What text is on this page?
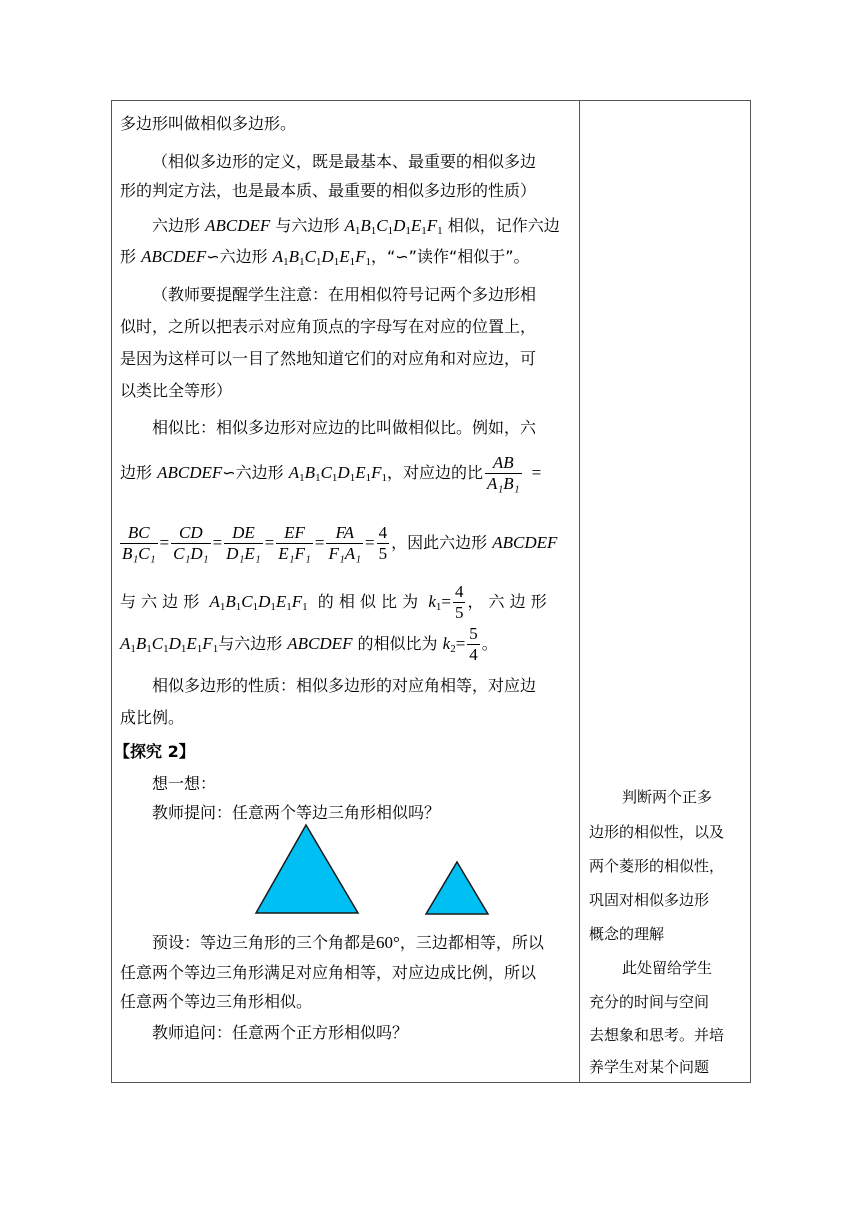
多边形叫做相似多边形。
（相似多边形的定义，既是最基本、最重要的相似多边
形的判定方法，也是最本质、最重要的相似多边形的性质）
六边形 ABCDEF 与六边形 $A_1B_1C_1D_1E_1F_1$ 相似，记作六边
形 ABCDEF∽六边形 $A_1B_1C_1D_1E_1F_1$，“∽”读作“相似于”。
（教师要提醒学生注意：在用相似符号记两个多边形相
似时，之所以把表示对应角顶点的字母写在对应的位置上，
是因为这样可以一目了然地知道它们的对应角和对应边，可
以类比全等形）
相似比：相似多边形对应边的比叫做相似比。例如，六
边形
ABCDEF ∽六边形
$A_1B_1C_1D_1E_1F_1$ ，对应边的比 $\frac{AB}{\text{A₁B₁}}$ =
$\frac{BC}{\text{B₁C₁}} = \frac{CD}{\text{C₁D₁}} = \frac{DE}{\text{D₁E₁}} = \frac{EF}{\text{E₁F₁}} = \frac{FA}{\text{F₁A₁}} = \frac{4}{5}$ ，因此六边形
ABCDEF
与 六 边 形
$A_1B_1C_1D_1E_1F_1$
的 相 似 比 为
$k_1 = \frac{4}{5}$ ， 六 边 形
$A_1B_1C_1D_1E_1F_1$ 与六边形
ABCDEF
的相似比为
$k_2 = \frac{5}{4}$ 。
相似多边形的性质：相似多边形的对应角相等，对应边
成比例。
【探究 2】
想一想：
教师提问：任意两个等边三角形相似吗？
预设：等边三角形的三个角都是60°，三边都相等，所以
任意两个等边三角形满足对应角相等，对应边成比例，所以
任意两个等边三角形相似。
教师追问：任意两个正方形相似吗？
判断两个正多
边形的相似性，以及
两个菱形的相似性，
巩固对相似多边形
概念的理解
此处留给学生
充分的时间与空间
去想象和思考。并培
养学生对某个问题
